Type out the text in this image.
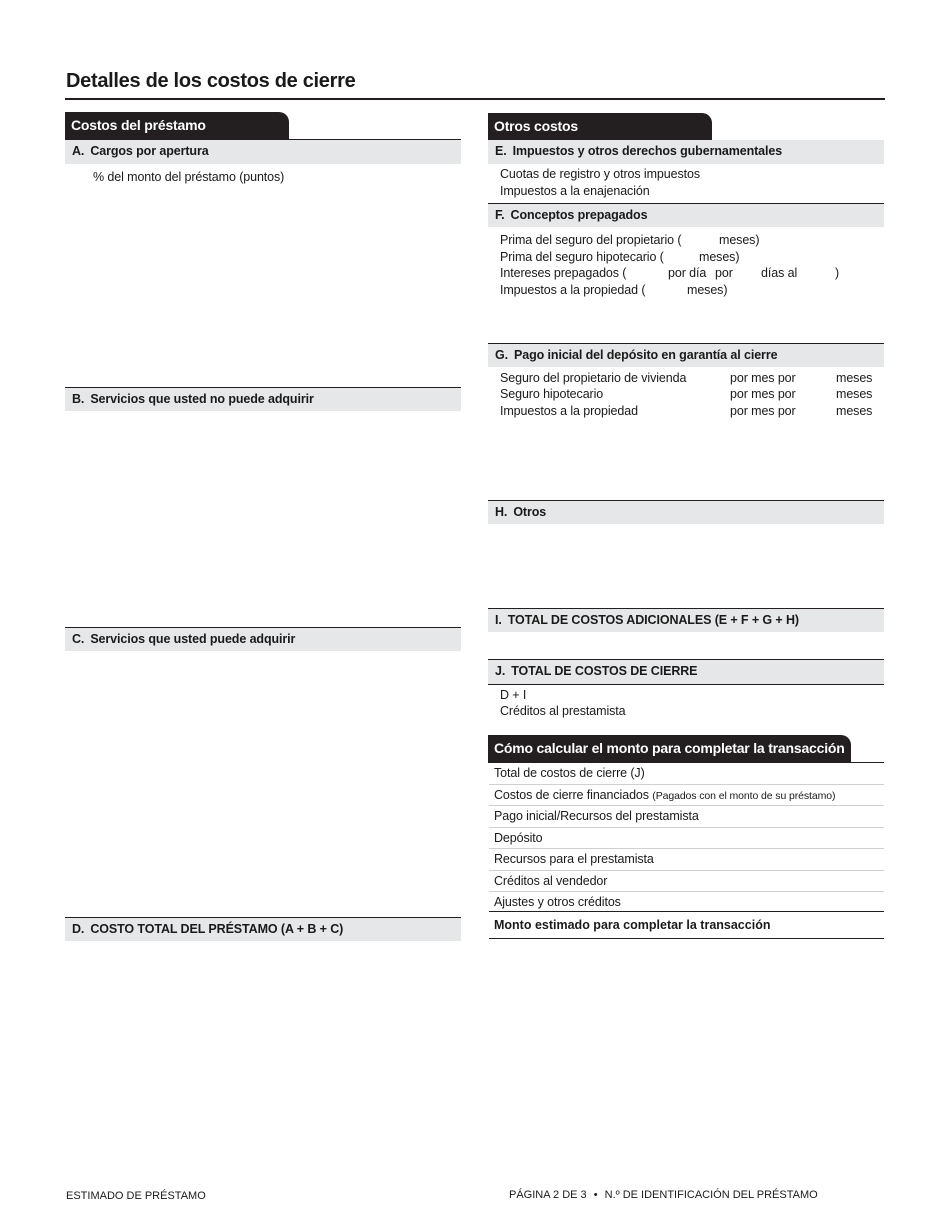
Detalles de los costos de cierre
Costos del préstamo
A. Cargos por apertura
% del monto del préstamo (puntos)
B. Servicios que usted no puede adquirir
C. Servicios que usted puede adquirir
D. COSTO TOTAL DEL PRÉSTAMO (A + B + C)
Otros costos
E. Impuestos y otros derechos gubernamentales
Cuotas de registro y otros impuestos
Impuestos a la enajenación
F. Conceptos prepagados
Prima del seguro del propietario (	meses)
Prima del seguro hipotecario (	meses)
Intereses prepagados (	por día por días al	)
Impuestos a la propiedad (	meses)
G. Pago inicial del depósito en garantía al cierre
Seguro del propietario de vivienda	por mes por	meses
Seguro hipotecario	por mes por	meses
Impuestos a la propiedad	por mes por	meses
H. Otros
I. TOTAL DE COSTOS ADICIONALES (E + F + G + H)
J. TOTAL DE COSTOS DE CIERRE
D + I
Créditos al prestamista
Cómo calcular el monto para completar la transacción
Total de costos de cierre (J)
Costos de cierre financiados (Pagados con el monto de su préstamo)
Pago inicial/Recursos del prestamista
Depósito
Recursos para el prestamista
Créditos al vendedor
Ajustes y otros créditos
Monto estimado para completar la transacción
ESTIMADO DE PRÉSTAMO	PÁGINA 2 DE 3 • N.º DE IDENTIFICACIÓN DEL PRÉSTAMO
